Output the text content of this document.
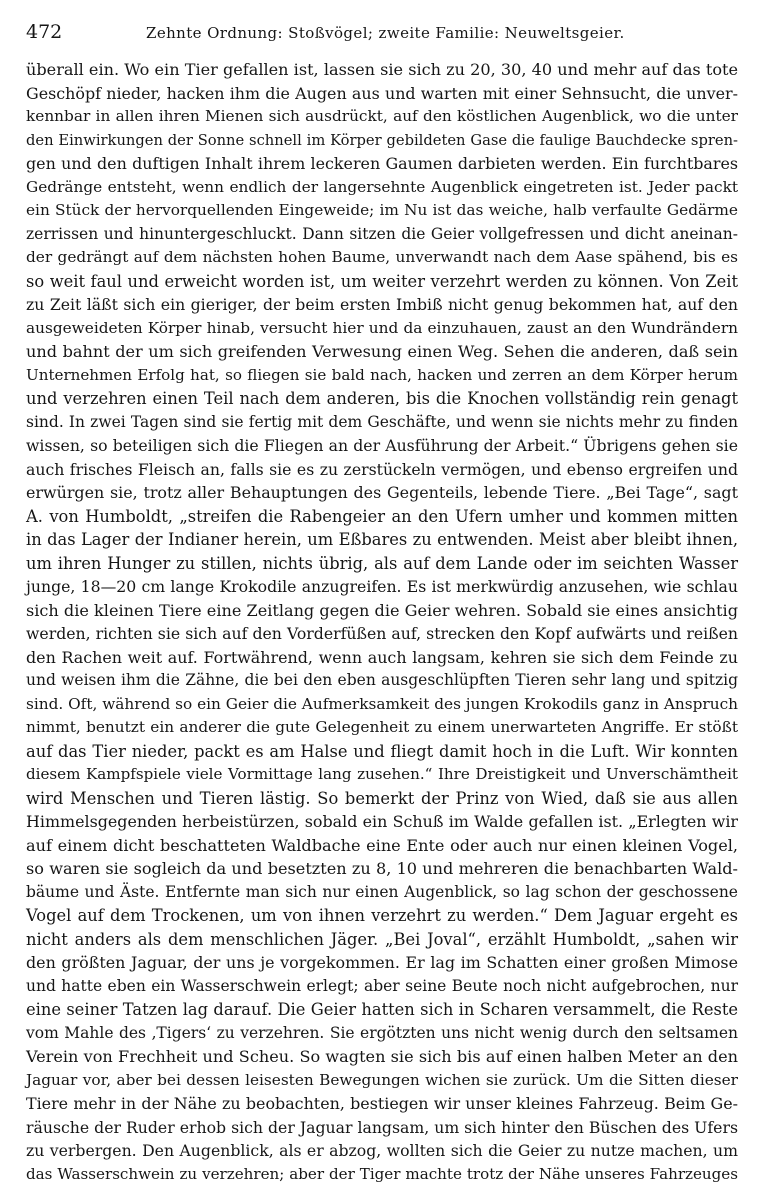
472	Zehnte Ordnung: Stoßvögel; zweite Familie: Neuweltsgeier.
überall ein. Wo ein Tier gefallen ist, lassen sie sich zu 20, 30, 40 und mehr auf das tote
Geschöpf nieder, hacken ihm die Augen aus und warten mit einer Sehnsucht, die unver-
kennbar in allen ihren Mienen sich ausdrückt, auf den köstlichen Augenblick, wo die unter
den Einwirkungen der Sonne schnell im Körper gebildeten Gase die faulige Bauchdecke spren-
gen und den duftigen Inhalt ihrem leckeren Gaumen darbieten werden. Ein furchtbares
Gedränge entsteht, wenn endlich der langersehnte Augenblick eingetreten ist. Jeder packt
ein Stück der hervorquellenden Eingeweide; im Nu ist das weiche, halb verfaulte Gedärme
zerrissen und hinuntergeschluckt. Dann sitzen die Geier vollgefressen und dicht aneinan-
der gedrängt auf dem nächsten hohen Baume, unverwandt nach dem Aase spähend, bis es
so weit faul und erweicht worden ist, um weiter verzehrt werden zu können. Von Zeit
zu Zeit läßt sich ein gieriger, der beim ersten Imbiß nicht genug bekommen hat, auf den
ausgeweideten Körper hinab, versucht hier und da einzuhauen, zaust an den Wundrändern
und bahnt der um sich greifenden Verwesung einen Weg. Sehen die anderen, daß sein
Unternehmen Erfolg hat, so fliegen sie bald nach, hacken und zerren an dem Körper herum
und verzehren einen Teil nach dem anderen, bis die Knochen vollständig rein genagt
sind. In zwei Tagen sind sie fertig mit dem Geschäfte, und wenn sie nichts mehr zu finden
wissen, so beteiligen sich die Fliegen an der Ausführung der Arbeit.“ Übrigens gehen sie
auch frisches Fleisch an, falls sie es zu zerstückeln vermögen, und ebenso ergreifen und
erwürgen sie, trotz aller Behauptungen des Gegenteils, lebende Tiere. „Bei Tage“, sagt
A. von Humboldt, „streifen die Rabengeier an den Ufern umher und kommen mitten
in das Lager der Indianer herein, um Eßbares zu entwenden. Meist aber bleibt ihnen,
um ihren Hunger zu stillen, nichts übrig, als auf dem Lande oder im seichten Wasser
junge, 18—20 cm lange Krokodile anzugreifen. Es ist merkwürdig anzusehen, wie schlau
sich die kleinen Tiere eine Zeitlang gegen die Geier wehren. Sobald sie eines ansichtig
werden, richten sie sich auf den Vorderfüßen auf, strecken den Kopf aufwärts und reißen
den Rachen weit auf. Fortwährend, wenn auch langsam, kehren sie sich dem Feinde zu
und weisen ihm die Zähne, die bei den eben ausgeschlüpften Tieren sehr lang und spitzig
sind. Oft, während so ein Geier die Aufmerksamkeit des jungen Krokodils ganz in Anspruch
nimmt, benutzt ein anderer die gute Gelegenheit zu einem unerwarteten Angriffe. Er stößt
auf das Tier nieder, packt es am Halse und fliegt damit hoch in die Luft. Wir konnten
diesem Kampfspiele viele Vormittage lang zusehen.“ Ihre Dreistigkeit und Unverschämtheit
wird Menschen und Tieren lästig. So bemerkt der Prinz von Wied, daß sie aus allen
Himmelsgegenden herbeistürzen, sobald ein Schuß im Walde gefallen ist. „Erlegten wir
auf einem dicht beschatteten Waldbache eine Ente oder auch nur einen kleinen Vogel,
so waren sie sogleich da und besetzten zu 8, 10 und mehreren die benachbarten Wald-
bäume und Äste. Entfernte man sich nur einen Augenblick, so lag schon der geschossene
Vogel auf dem Trockenen, um von ihnen verzehrt zu werden.“ Dem Jaguar ergeht es
nicht anders als dem menschlichen Jäger. „Bei Joval“, erzählt Humboldt, „sahen wir
den größten Jaguar, der uns je vorgekommen. Er lag im Schatten einer großen Mimose
und hatte eben ein Wasserschwein erlegt; aber seine Beute noch nicht aufgebrochen, nur
eine seiner Tatzen lag darauf. Die Geier hatten sich in Scharen versammelt, die Reste
vom Mahle des ‚Tigers‘ zu verzehren. Sie ergötzten uns nicht wenig durch den seltsamen
Verein von Frechheit und Scheu. So wagten sie sich bis auf einen halben Meter an den
Jaguar vor, aber bei dessen leisesten Bewegungen wichen sie zurück. Um die Sitten dieser
Tiere mehr in der Nähe zu beobachten, bestiegen wir unser kleines Fahrzeug. Beim Ge-
räusche der Ruder erhob sich der Jaguar langsam, um sich hinter den Büschen des Ufers
zu verbergen. Den Augenblick, als er abzog, wollten sich die Geier zu nutze machen, um
das Wasserschwein zu verzehren; aber der Tiger machte trotz der Nähe unseres Fahrzeuges
